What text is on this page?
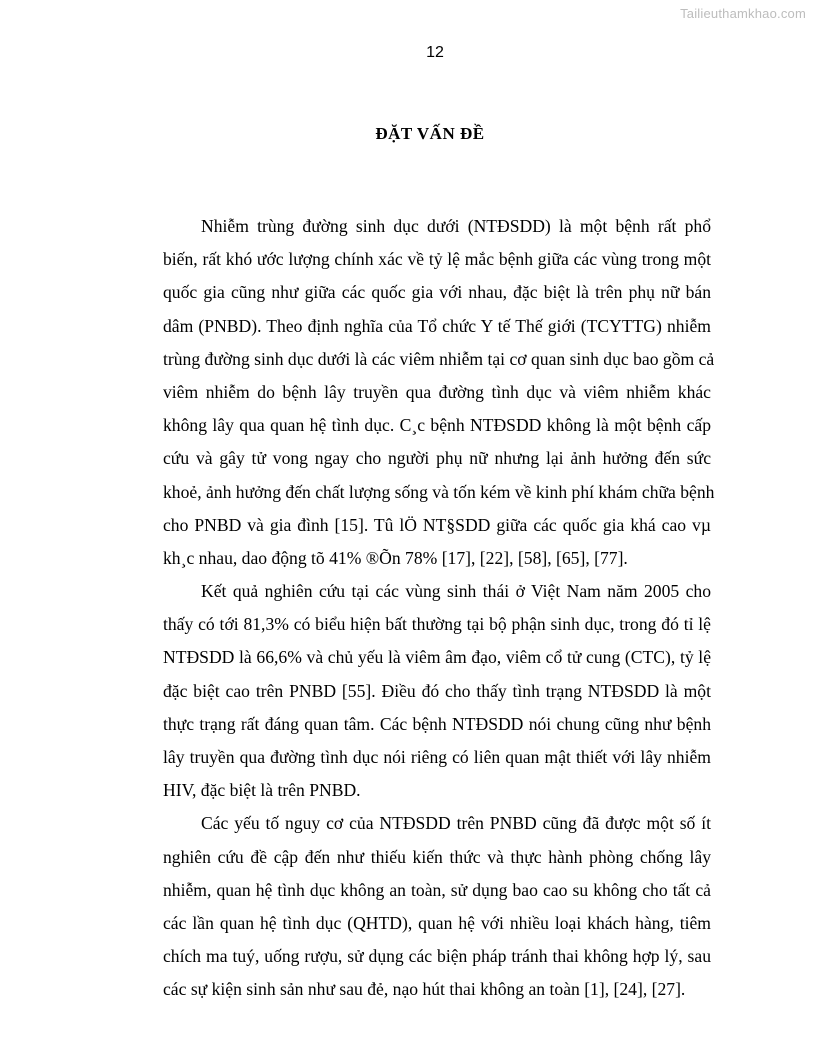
Tailieuthamkhao.com
12
ĐẶT VẤN ĐỀ
Nhiễm trùng đường sinh dục dưới (NTĐSDD) là một bệnh rất phổ
biến, rất khó ước lượng chính xác về tỷ lệ mắc bệnh giữa các vùng trong một
quốc gia cũng như giữa các quốc gia với nhau, đặc biệt là trên phụ nữ bán
dâm (PNBD). Theo định nghĩa của Tổ chức Y tế Thế giới (TCYTTG) nhiễm
trùng đường sinh dục dưới là các viêm nhiễm tại cơ quan sinh dục bao gồm cả
viêm nhiễm do bệnh lây truyền qua đường tình dục và viêm nhiễm khác
không lây qua quan hệ tình dục. C¸c bệnh NTĐSDD không là một bệnh cấp
cứu và gây tử vong ngay cho người phụ nữ nhưng lại ảnh hưởng đến sức
khoẻ, ảnh hưởng đến chất lượng sống và tốn kém về kinh phí khám chữa bệnh
cho PNBD và gia đình [15]. Tû lÖ NT§SDD giữa các quốc gia khá cao vµ
kh¸c nhau, dao động tõ 41% ®Õn 78% [17], [22], [58], [65], [77].
Kết quả nghiên cứu tại các vùng sinh thái ở Việt Nam năm 2005 cho
thấy có tới 81,3% có biểu hiện bất thường tại bộ phận sinh dục, trong đó tỉ lệ
NTĐSDD là 66,6% và chủ yếu là viêm âm đạo, viêm cổ tử cung (CTC), tỷ lệ
đặc biệt cao trên PNBD [55]. Điều đó cho thấy tình trạng NTĐSDD là một
thực trạng rất đáng quan tâm. Các bệnh NTĐSDD nói chung cũng như bệnh
lây truyền qua đường tình dục nói riêng có liên quan mật thiết với lây nhiễm
HIV, đặc biệt là trên PNBD.
Các yếu tố nguy cơ của NTĐSDD trên PNBD cũng đã được một số ít
nghiên cứu đề cập đến như thiếu kiến thức và thực hành phòng chống lây
nhiễm, quan hệ tình dục không an toàn, sử dụng bao cao su không cho tất cả
các lần quan hệ tình dục (QHTD), quan hệ với nhiều loại khách hàng, tiêm
chích ma tuý, uống rượu, sử dụng các biện pháp tránh thai không hợp lý, sau
các sự kiện sinh sản như sau đẻ, nạo hút thai không an toàn [1], [24], [27].
